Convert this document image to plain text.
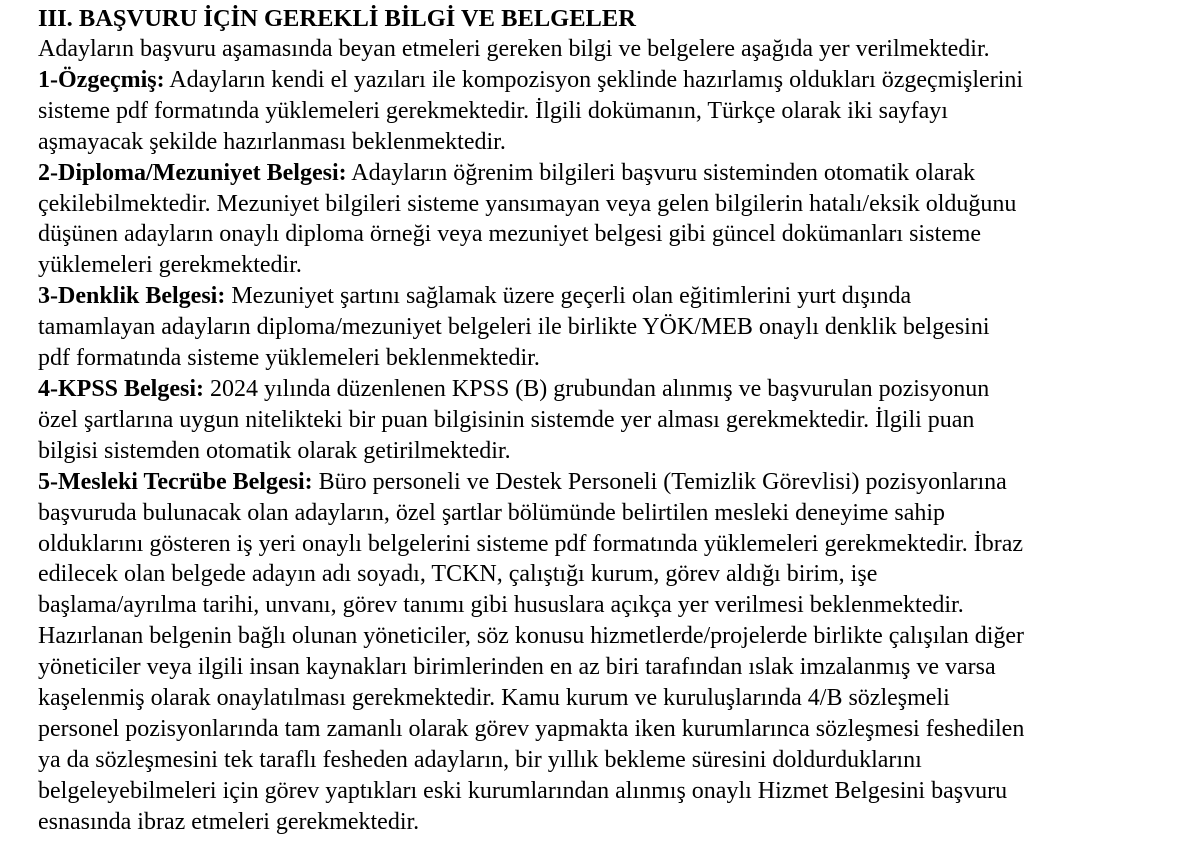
III. BAŞVURU İÇİN GEREKLİ BİLGİ VE BELGELER

Adayların başvuru aşamasında beyan etmeleri gereken bilgi ve belgelere aşağıda yer verilmektedir.

1-Özgeçmiş: Adayların kendi el yazıları ile kompozisyon şeklinde hazırlamış oldukları özgeçmişlerini

sisteme pdf formatında yüklemeleri gerekmektedir. İlgili dokümanın, Türkçe olarak iki sayfayı

aşmayacak şekilde hazırlanması beklenmektedir.

2-Diploma/Mezuniyet Belgesi: Adayların öğrenim bilgileri başvuru sisteminden otomatik olarak

çekilebilmektedir. Mezuniyet bilgileri sisteme yansımayan veya gelen bilgilerin hatalı/eksik olduğunu

düşünen adayların onaylı diploma örneği veya mezuniyet belgesi gibi güncel dokümanları sisteme

yüklemeleri gerekmektedir.

3-Denklik Belgesi: Mezuniyet şartını sağlamak üzere geçerli olan eğitimlerini yurt dışında

tamamlayan adayların diploma/mezuniyet belgeleri ile birlikte YÖK/MEB onaylı denklik belgesini

pdf formatında sisteme yüklemeleri beklenmektedir.

4-KPSS Belgesi: 2024 yılında düzenlenen KPSS (B) grubundan alınmış ve başvurulan pozisyonun

özel şartlarına uygun nitelikteki bir puan bilgisinin sistemde yer alması gerekmektedir. İlgili puan

bilgisi sistemden otomatik olarak getirilmektedir.

5-Mesleki Tecrübe Belgesi: Büro personeli ve Destek Personeli (Temizlik Görevlisi) pozisyonlarına

başvuruda bulunacak olan adayların, özel şartlar bölümünde belirtilen mesleki deneyime sahip

olduklarını gösteren iş yeri onaylı belgelerini sisteme pdf formatında yüklemeleri gerekmektedir. İbraz

edilecek olan belgede adayın adı soyadı, TCKN, çalıştığı kurum, görev aldığı birim, işe

başlama/ayrılma tarihi, unvanı, görev tanımı gibi hususlara açıkça yer verilmesi beklenmektedir.

Hazırlanan belgenin bağlı olunan yöneticiler, söz konusu hizmetlerde/projelerde birlikte çalışılan diğer

yöneticiler veya ilgili insan kaynakları birimlerinden en az biri tarafından ıslak imzalanmış ve varsa

kaşelenmiş olarak onaylatılması gerekmektedir. Kamu kurum ve kuruluşlarında 4/B sözleşmeli

personel pozisyonlarında tam zamanlı olarak görev yapmakta iken kurumlarınca sözleşmesi feshedilen

ya da sözleşmesini tek taraflı fesheden adayların, bir yıllık bekleme süresini doldurduklarını

belgeleyebilmeleri için görev yaptıkları eski kurumlarından alınmış onaylı Hizmet Belgesini başvuru

esnasında ibraz etmeleri gerekmektedir.
